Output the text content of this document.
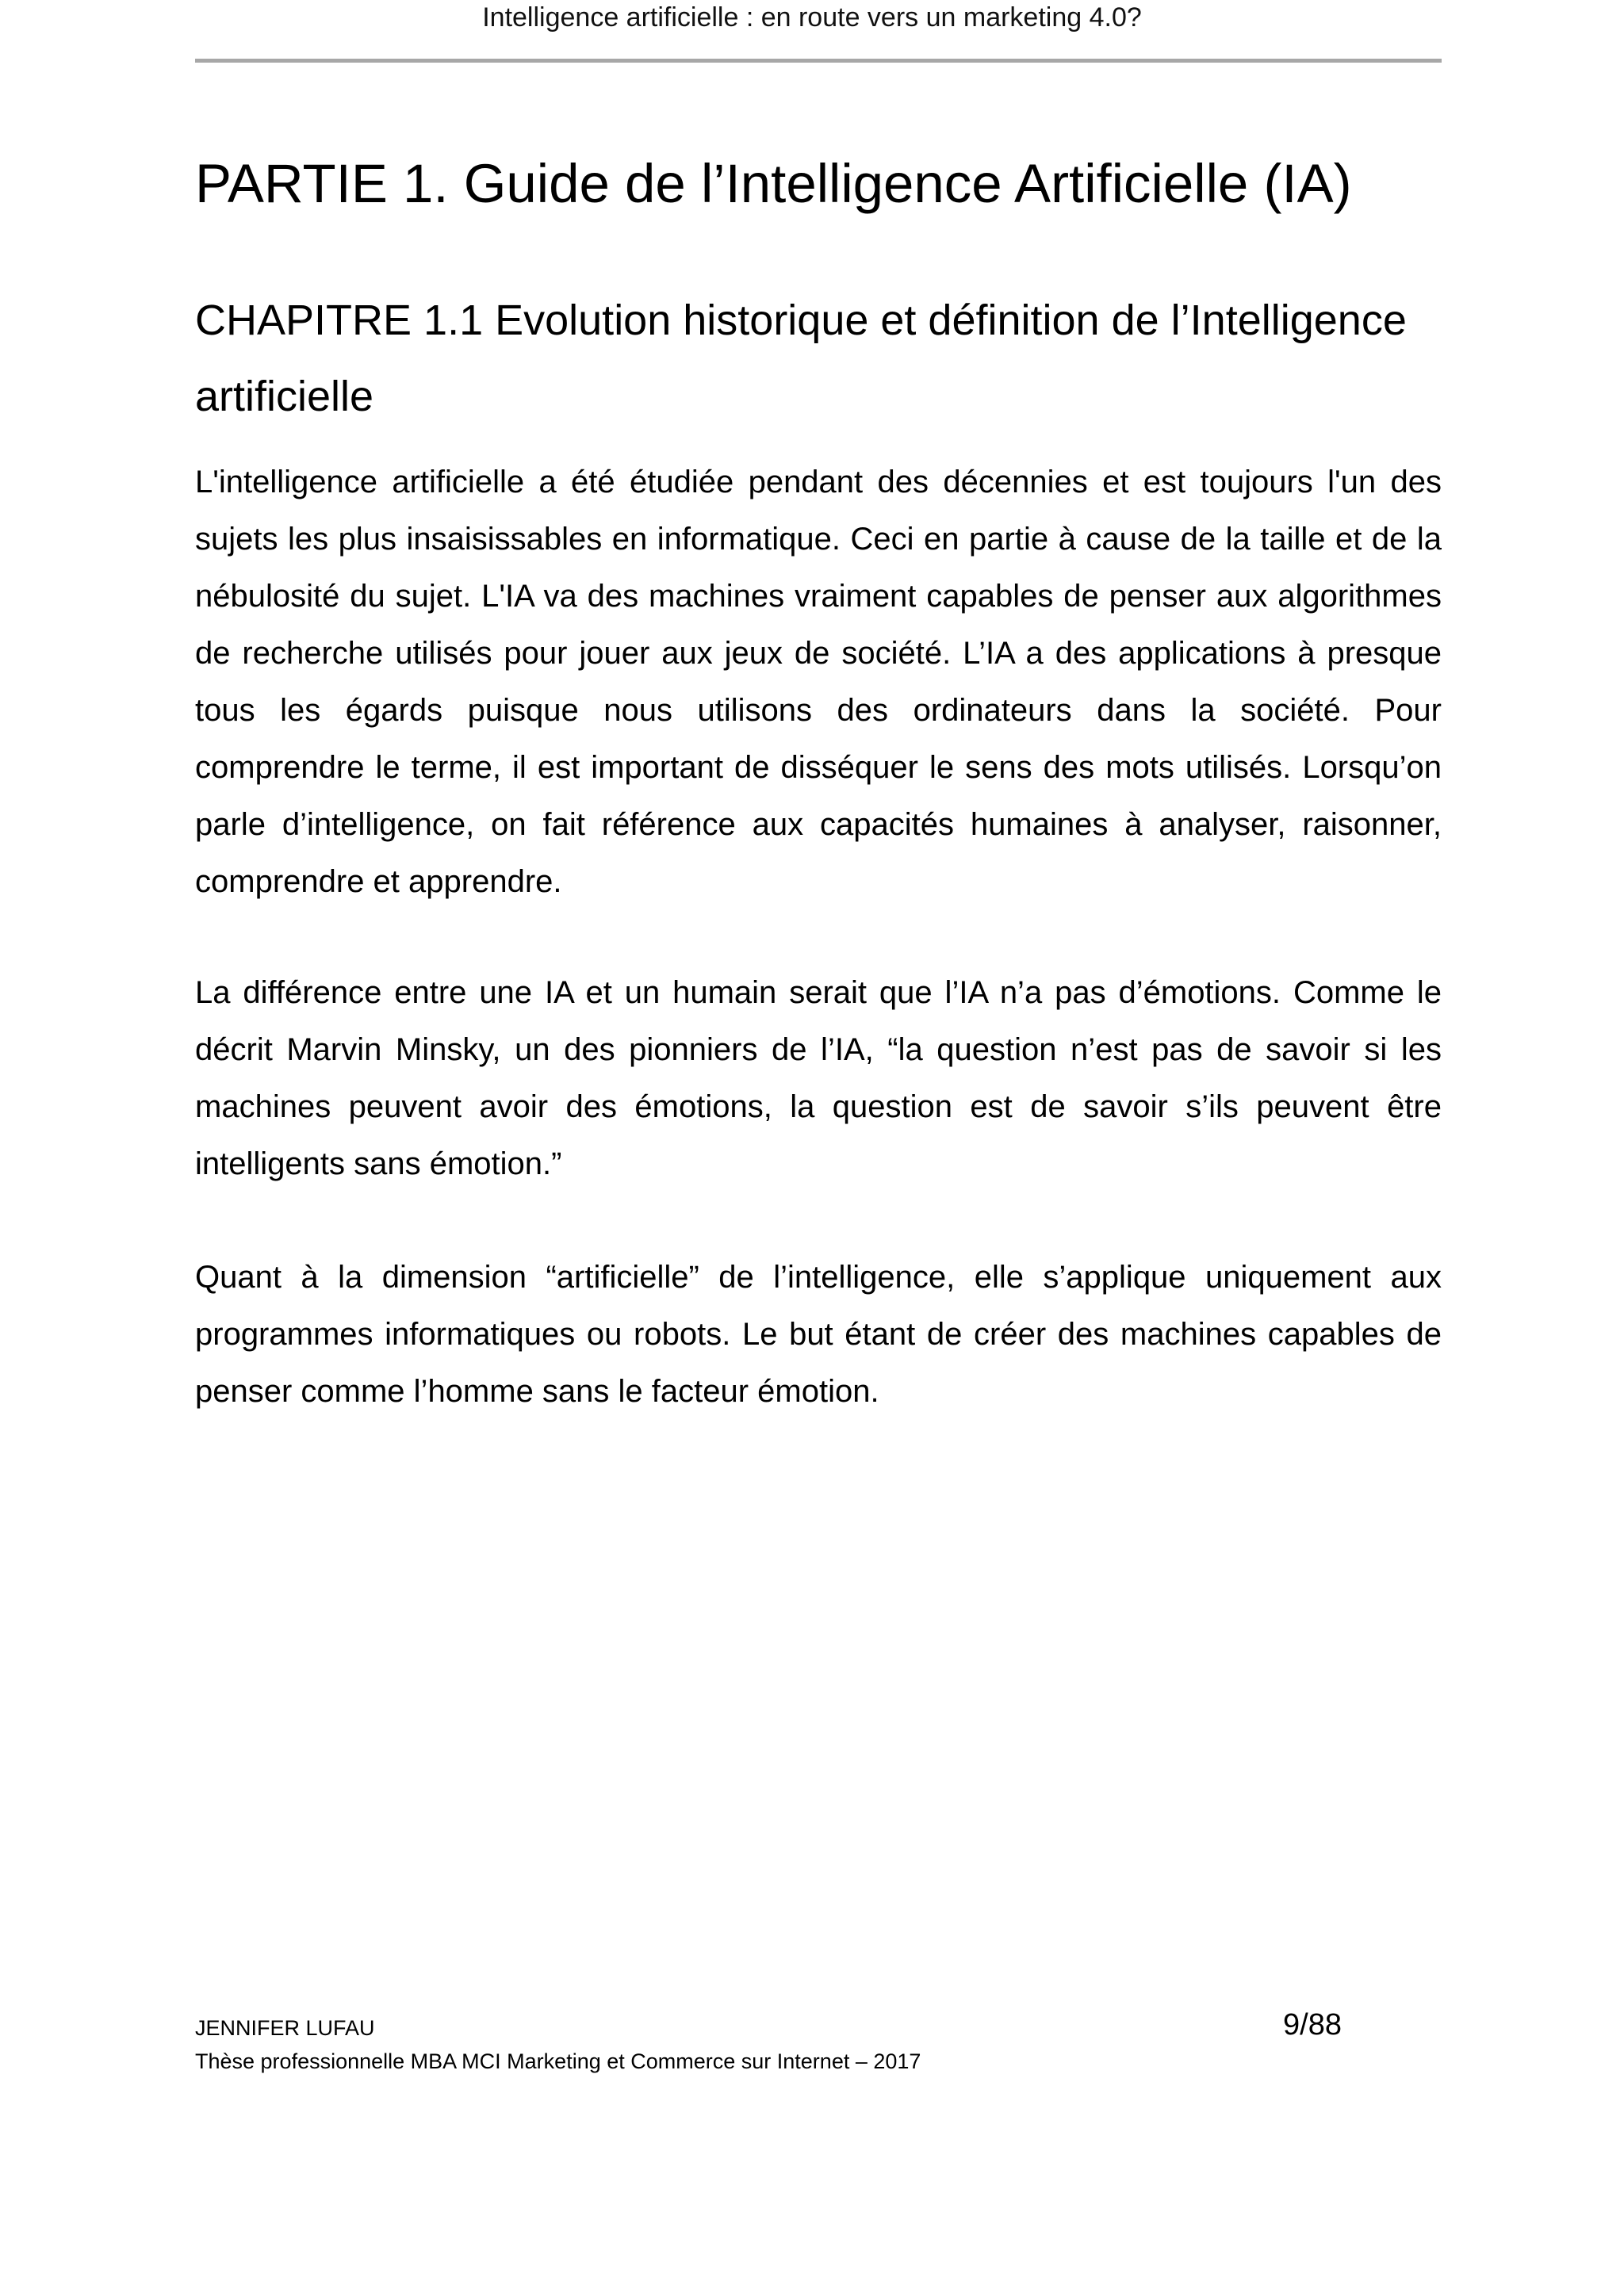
Intelligence artificielle : en route vers un marketing 4.0?
PARTIE 1. Guide de l’Intelligence Artificielle (IA)
CHAPITRE 1.1 Evolution historique et définition de l’Intelligence artificielle

L'intelligence artificielle a été étudiée pendant des décennies et est toujours l'un des sujets les plus insaisissables en informatique. Ceci en partie à cause de la taille et de la nébulosité du sujet. L'IA va des machines vraiment capables de penser aux algorithmes de recherche utilisés pour jouer aux jeux de société. L’IA a des applications à presque tous les égards puisque nous utilisons des ordinateurs dans la société. Pour comprendre le terme, il est important de disséquer le sens des mots utilisés. Lorsqu’on parle d’intelligence, on fait référence aux capacités humaines à analyser, raisonner, comprendre et apprendre.

La différence entre une IA et un humain serait que l’IA n’a pas d’émotions. Comme le décrit Marvin Minsky, un des pionniers de l’IA, “la question n’est pas de savoir si les machines peuvent avoir des émotions, la question est de savoir s’ils peuvent être intelligents sans émotion.”

Quant à la dimension “artificielle” de l’intelligence, elle s’applique uniquement aux programmes informatiques ou robots. Le but étant de créer des machines capables de penser comme l’homme sans le facteur émotion.

JENNIFER LUFAU	9/88
Thèse professionnelle MBA MCI Marketing et Commerce sur Internet – 2017
